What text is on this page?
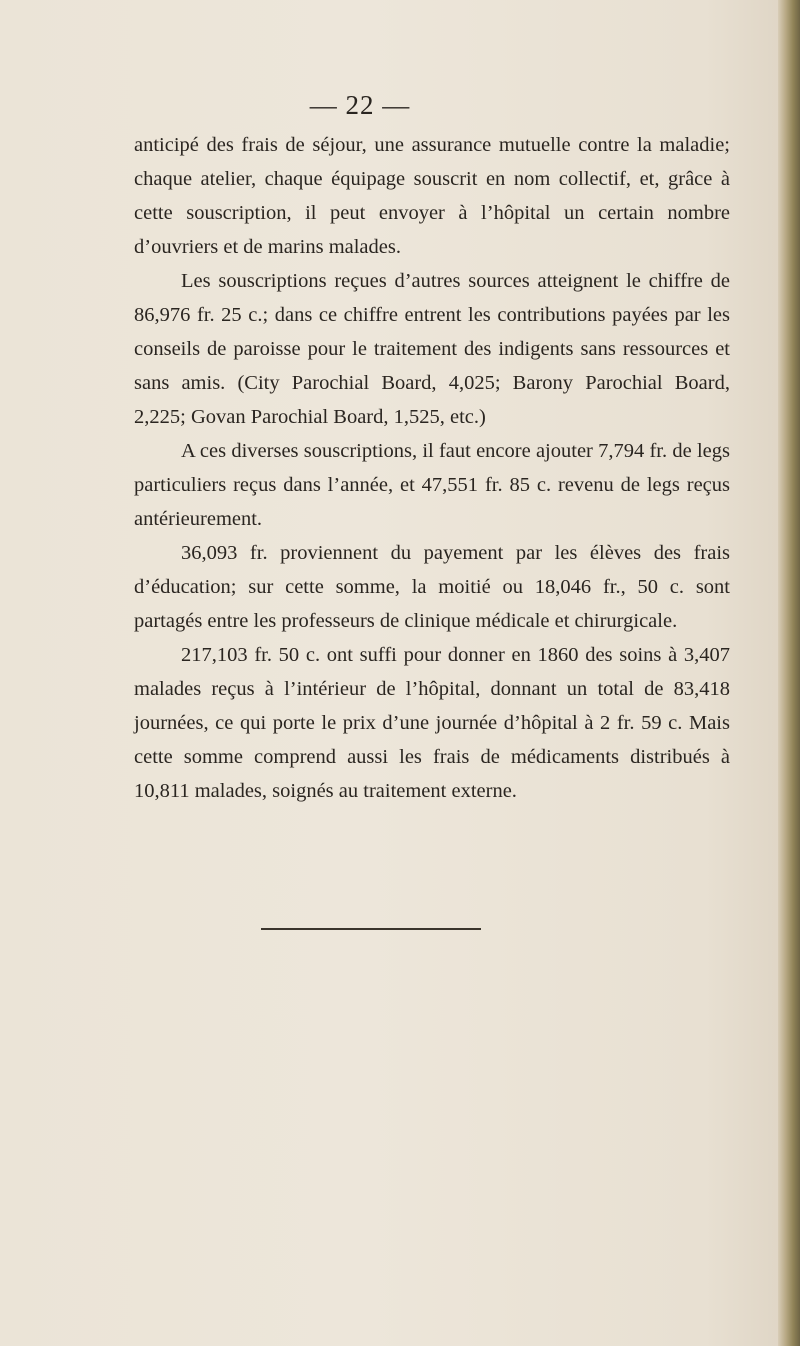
— 22 —

anticipé des frais de séjour, une assurance mutuelle contre la maladie; chaque atelier, chaque équipage souscrit en nom collectif, et, grâce à cette souscription, il peut envoyer à l’hôpital un certain nombre d’ouvriers et de marins malades.

Les souscriptions reçues d’autres sources atteignent le chiffre de 86,976 fr. 25 c.; dans ce chiffre entrent les contributions payées par les conseils de paroisse pour le traitement des indigents sans ressources et sans amis. (City Parochial Board, 4,025; Barony Parochial Board, 2,225; Govan Parochial Board, 1,525, etc.)

A ces diverses souscriptions, il faut encore ajouter 7,794 fr. de legs particuliers reçus dans l’année, et 47,551 fr. 85 c. revenu de legs reçus antérieurement.

36,093 fr. proviennent du payement par les élèves des frais d’éducation; sur cette somme, la moitié ou 18,046 fr., 50 c. sont partagés entre les professeurs de clinique médicale et chirurgicale.

217,103 fr. 50 c. ont suffi pour donner en 1860 des soins à 3,407 malades reçus à l’intérieur de l’hôpital, donnant un total de 83,418 journées, ce qui porte le prix d’une journée d’hôpital à 2 fr. 59 c. Mais cette somme comprend aussi les frais de médicaments distribués à 10,811 malades, soignés au traitement externe.
